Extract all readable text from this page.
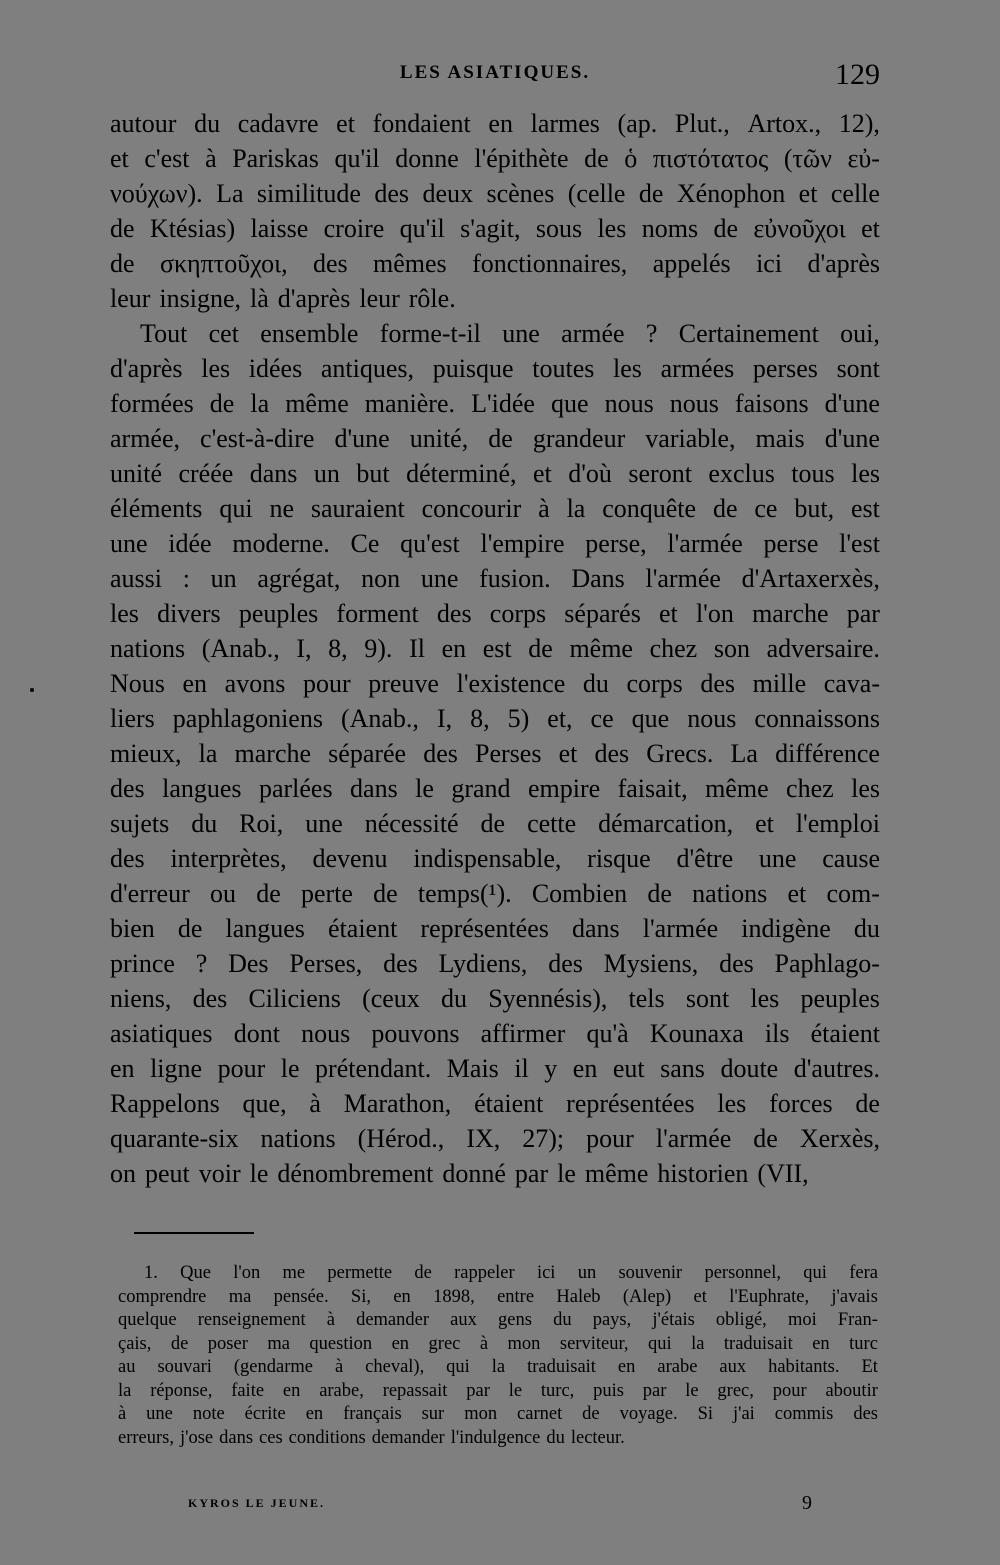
LES ASIATIQUES.	129
autour du cadavre et fondaient en larmes (ap. Plut., Artox., 12),
et c'est à Pariskas qu'il donne l'épithète de ὁ πιστότατος (τῶν εὐ-
νούχων). La similitude des deux scènes (celle de Xénophon et celle
de Ktésias) laisse croire qu'il s'agit, sous les noms de εὐνοῦχοι et
de σκηπτοῦχοι, des mêmes fonctionnaires, appelés ici d'après
leur insigne, là d'après leur rôle.
Tout cet ensemble forme-t-il une armée ? Certainement oui,
d'après les idées antiques, puisque toutes les armées perses sont
formées de la même manière. L'idée que nous nous faisons d'une
armée, c'est-à-dire d'une unité, de grandeur variable, mais d'une
unité créée dans un but déterminé, et d'où seront exclus tous les
éléments qui ne sauraient concourir à la conquête de ce but, est
une idée moderne. Ce qu'est l'empire perse, l'armée perse l'est
aussi : un agrégat, non une fusion. Dans l'armée d'Artaxerxès,
les divers peuples forment des corps séparés et l'on marche par
nations (Anab., I, 8, 9). Il en est de même chez son adversaire.
Nous en avons pour preuve l'existence du corps des mille cava-
liers paphlagoniens (Anab., I, 8, 5) et, ce que nous connaissons
mieux, la marche séparée des Perses et des Grecs. La différence
des langues parlées dans le grand empire faisait, même chez les
sujets du Roi, une nécessité de cette démarcation, et l'emploi
des interprètes, devenu indispensable, risque d'être une cause
d'erreur ou de perte de temps(¹). Combien de nations et com-
bien de langues étaient représentées dans l'armée indigène du
prince ? Des Perses, des Lydiens, des Mysiens, des Paphlago-
niens, des Ciliciens (ceux du Syennésis), tels sont les peuples
asiatiques dont nous pouvons affirmer qu'à Kounaxa ils étaient
en ligne pour le prétendant. Mais il y en eut sans doute d'autres.
Rappelons que, à Marathon, étaient représentées les forces de
quarante-six nations (Hérod., IX, 27); pour l'armée de Xerxès,
on peut voir le dénombrement donné par le même historien (VII,
1. Que l'on me permette de rappeler ici un souvenir personnel, qui fera
comprendre ma pensée. Si, en 1898, entre Haleb (Alep) et l'Euphrate, j'avais
quelque renseignement à demander aux gens du pays, j'étais obligé, moi Fran-
çais, de poser ma question en grec à mon serviteur, qui la traduisait en turc
au souvari (gendarme à cheval), qui la traduisait en arabe aux habitants. Et
la réponse, faite en arabe, repassait par le turc, puis par le grec, pour aboutir
à une note écrite en français sur mon carnet de voyage. Si j'ai commis des
erreurs, j'ose dans ces conditions demander l'indulgence du lecteur.
KYROS LE JEUNE.	9
